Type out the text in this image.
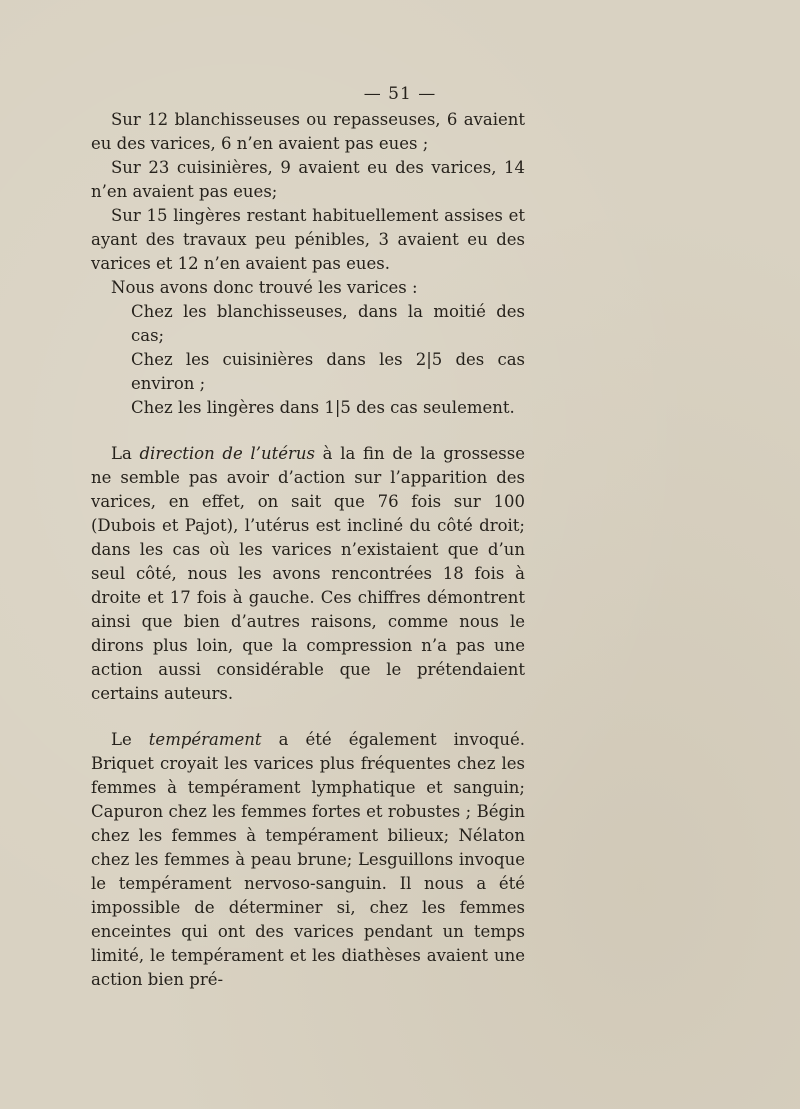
— 51 —

Sur 12 blanchisseuses ou repasseuses, 6 avaient eu des varices, 6 n’en avaient pas eues ;

Sur 23 cuisinières, 9 avaient eu des varices, 14 n’en avaient pas eues;

Sur 15 lingères restant habituellement assises et ayant des travaux peu pénibles, 3 avaient eu des varices et 12 n’en avaient pas eues.

Nous avons donc trouvé les varices :

Chez les blanchisseuses, dans la moitié des cas;

Chez les cuisinières dans les 2|5 des cas environ ;

Chez les lingères dans 1|5 des cas seulement.

La direction de l’utérus à la fin de la grossesse ne semble pas avoir d’action sur l’apparition des varices, en effet, on sait que 76 fois sur 100 (Dubois et Pajot), l’utérus est incliné du côté droit; dans les cas où les varices n’existaient que d’un seul côté, nous les avons rencontrées 18 fois à droite et 17 fois à gauche. Ces chiffres démontrent ainsi que bien d’autres raisons, comme nous le dirons plus loin, que la compression n’a pas une action aussi considérable que le prétendaient certains auteurs.

Le tempérament a été également invoqué. Briquet croyait les varices plus fréquentes chez les femmes à tempérament lymphatique et sanguin; Capuron chez les femmes fortes et robustes ; Bégin chez les femmes à tempérament bilieux; Nélaton chez les femmes à peau brune; Lesguillons invoque le tempérament nervoso-sanguin. Il nous a été impossible de déterminer si, chez les femmes enceintes qui ont des varices pendant un temps limité, le tempérament et les diathèses avaient une action bien pré-
